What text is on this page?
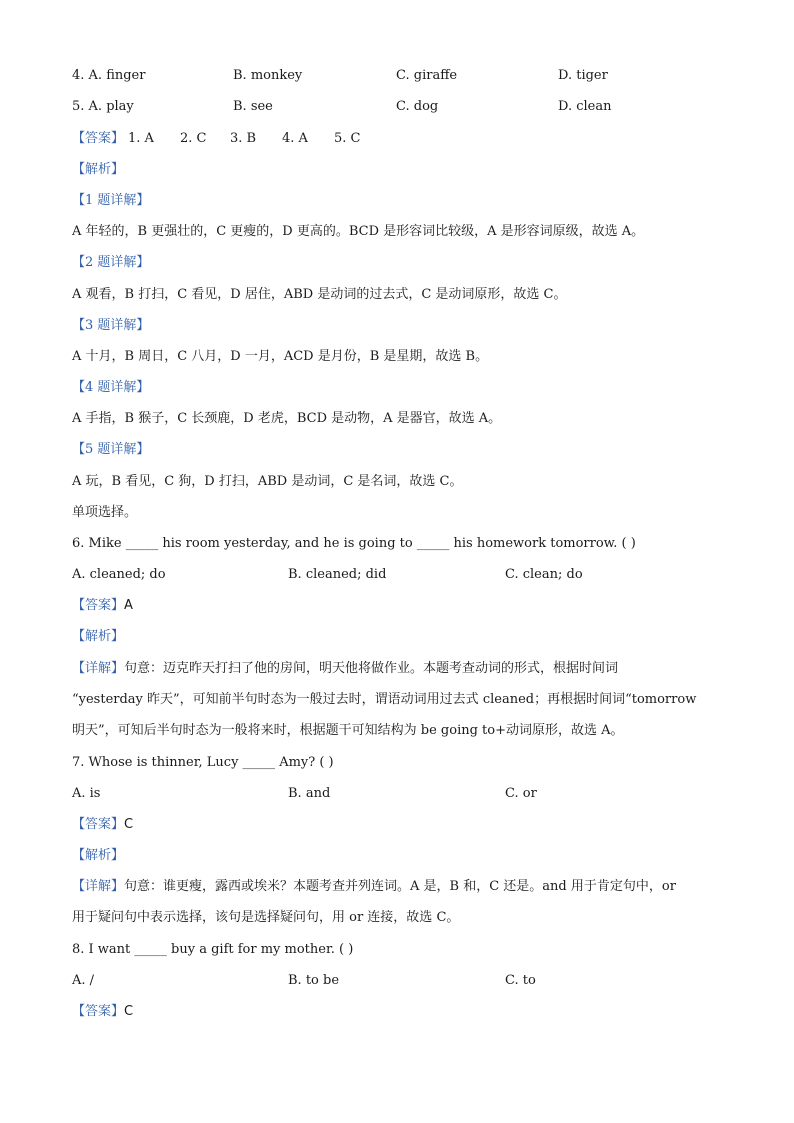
4. A. finger	B. monkey	C. giraffe	D. tiger
5. A. play	B. see	C. dog	D. clean
【答案】 1. A 2. C 3. B 4. A 5. C
【解析】
【1 题详解】
A 年轻的，B 更强壮的，C 更瘦的，D 更高的。BCD 是形容词比较级，A 是形容词原级，故选 A。
【2 题详解】
A 观看，B 打扫，C 看见，D 居住，ABD 是动词的过去式，C 是动词原形，故选 C。
【3 题详解】
A 十月，B 周日，C 八月，D 一月，ACD 是月份，B 是星期，故选 B。
【4 题详解】
A 手指，B 猴子，C 长颈鹿，D 老虎，BCD 是动物，A 是器官，故选 A。
【5 题详解】
A 玩，B 看见，C 狗，D 打扫，ABD 是动词，C 是名词，故选 C。
单项选择。
6. Mike _____ his room yesterday, and he is going to _____ his homework tomorrow. ( )
A. cleaned; do	B. cleaned; did	C. clean; do
【答案】A
【解析】
【详解】句意：迈克昨天打扫了他的房间，明天他将做作业。本题考查动词的形式，根据时间词
“yesterday 昨天”，可知前半句时态为一般过去时，谓语动词用过去式 cleaned；再根据时间词“tomorrow
明天”，可知后半句时态为一般将来时，根据题干可知结构为 be going to+动词原形，故选 A。
7. Whose is thinner, Lucy _____ Amy? ( )
A. is	B. and	C. or
【答案】C
【解析】
【详解】句意：谁更瘦，露西或埃米？本题考查并列连词。A 是，B 和，C 还是。and 用于肯定句中，or
用于疑问句中表示选择，该句是选择疑问句，用 or 连接，故选 C。
8. I want _____ buy a gift for my mother. ( )
A. /	B. to be	C. to
【答案】C
